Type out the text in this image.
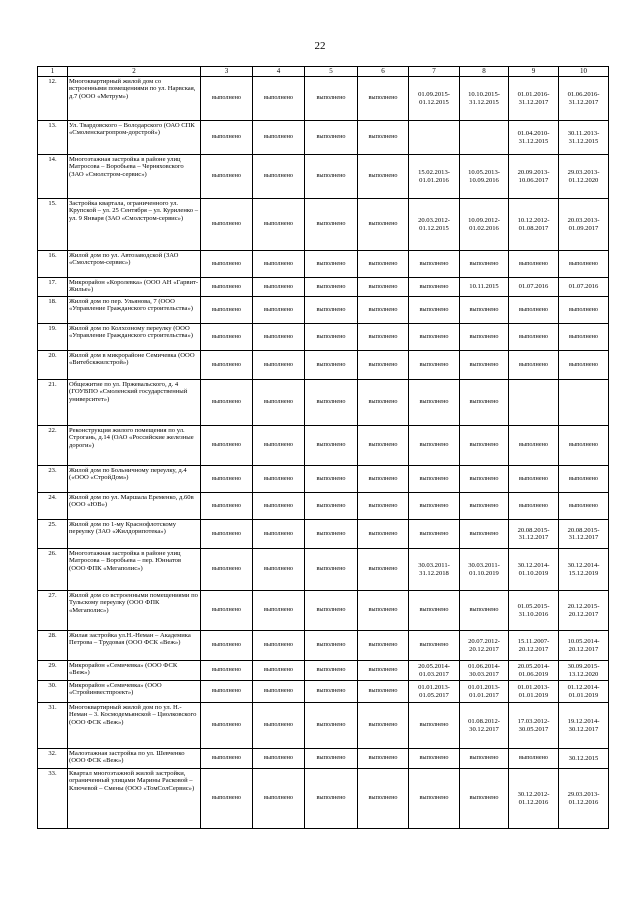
22
1	2	3	4	5	6	7	8	9	10
12.	Многоквартирный жилой дом со встроенными помещениями по ул. Нарвская, д.7 (ООО «Метрум»)	выполнено	выполнено	выполнено	выполнено	01.09.2015-01.12.2015	10.10.2015-31.12.2015	01.01.2016-31.12.2017	01.06.2016-31.12.2017
13.	Ул. Твардовского – Володарского (ОАО СПК «Смоленскагропром-дорстрой»)	выполнено	выполнено	выполнено	выполнено			01.04.2010-31.12.2015	30.11.2013-31.12.2015
14.	Многоэтажная застройка в районе улиц Матросова – Воробьева – Черняховского (ЗАО «Смолстром-сервис»)	выполнено	выполнено	выполнено	выполнено	15.02.2013-01.01.2016	10.05.2013-10.09.2016	20.09.2013-10.06.2017	29.03.2013-01.12.2020
15.	Застройка квартала, ограниченного ул. Крупской – ул. 25 Сентября – ул. Куриленко – ул. 9 Января (ЗАО «Смолстром-сервис»)	выполнено	выполнено	выполнено	выполнено	20.03.2012-01.12.2015	10.09.2012-01.02.2016	10.12.2012-01.08.2017	20.03.2013-01.09.2017
16.	Жилой дом по ул. Автозаводской (ЗАО «Смолстром-сервис»)	выполнено	выполнено	выполнено	выполнено	выполнено	выполнено	выполнено	выполнено
17.	Микрорайон «Королевка» (ООО АН «Гарвит-Жилье»)	выполнено	выполнено	выполнено	выполнено	выполнено	10.11.2015	01.07.2016	01.07.2016
18.	Жилой дом по пер. Ульянова, 7 (ООО «Управление Гражданского строительства»)	выполнено	выполнено	выполнено	выполнено	выполнено	выполнено	выполнено	выполнено
19.	Жилой дом по Колхозному переулку (ООО «Управление Гражданского строительства»)	выполнено	выполнено	выполнено	выполнено	выполнено	выполнено	выполнено	выполнено
20.	Жилой дом в микрорайоне Семичевка (ООО «Витебскжилстрой»)	выполнено	выполнено	выполнено	выполнено	выполнено	выполнено	выполнено	выполнено
21.	Общежитие по ул. Пржевальского, д. 4 (ГОУВПО «Смоленский государственный университет»)	выполнено	выполнено	выполнено	выполнено	выполнено	выполнено		
22.	Реконструкция жилого помещения по ул. Строгань, д.14 (ОАО «Российские железные дороги»)	выполнено	выполнено	выполнено	выполнено	выполнено	выполнено	выполнено	выполнено
23.	Жилой дом по Больничному переулку, д.4 («ООО «СтройДом»)	выполнено	выполнено	выполнено	выполнено	выполнено	выполнено	выполнено	выполнено
24.	Жилой дом по ул. Маршала Еременко, д.60в (ООО «ЮВ»)	выполнено	выполнено	выполнено	выполнено	выполнено	выполнено	выполнено	выполнено
25.	Жилой дом по 1-му Краснофлотскому переулку (ЗАО «Жилдорипотека»)	выполнено	выполнено	выполнено	выполнено	выполнено	выполнено	20.08.2015-31.12.2017	20.08.2015-31.12.2017
26.	Многоэтажная застройка в районе улиц Матросова – Воробьева – пер. Юннатов (ООО ФПК «Мегаполис»)	выполнено	выполнено	выполнено	выполнено	30.03.2011-31.12.2018	30.03.2011-01.10.2019	30.12.2014-01.10.2019	30.12.2014-15.12.2019
27.	Жилой дом со встроенными помещениями по Тульскому переулку (ООО ФПК «Мегаполис»)	выполнено	выполнено	выполнено	выполнено	выполнено	выполнено	01.05.2015-31.10.2016	20.12.2015-20.12.2017
28.	Жилая застройка ул.Н.-Неман – Академика Петрова – Трудовая (ООО ФСК «Веж»)	выполнено	выполнено	выполнено	выполнено	выполнено	20.07.2012-20.12.2017	15.11.2007-20.12.2017	10.05.2014-20.12.2017
29.	Микрорайон «Семичевка» (ООО ФСК «Веж»)	выполнено	выполнено	выполнено	выполнено	20.05.2014-01.03.2017	01.06.2014-30.03.2017	20.05.2014-01.06.2019	30.09.2015-13.12.2020
30.	Микрорайон «Семичевка» (ООО «Стройинвестпроект»)	выполнено	выполнено	выполнено	выполнено	01.01.2013-01.05.2017	01.01.2013-01.01.2017	01.01.2013-01.01.2019	01.12.2014-01.01.2019
31.	Многоквартирный жилой дом по ул. Н.-Неман – 3. Космодемьянской – Циолковского (ООО ФСК «Веж»)	выполнено	выполнено	выполнено	выполнено	выполнено	01.08.2012-30.12.2017	17.03.2012-30.05.2017	19.12.2014-30.12.2017
32.	Малоэтажная застройка по ул. Шевченко (ООО ФСК «Веж»)	выполнено	выполнено	выполнено	выполнено	выполнено	выполнено	выполнено	30.12.2015
33.	Квартал многоэтажной жилой застройки, ограниченный улицами Марины Расковой – Ключевой – Смены (ООО «ТомСолСервис»)	выполнено	выполнено	выполнено	выполнено	выполнено	выполнено	30.12.2012-01.12.2016	29.03.2013-01.12.2016
